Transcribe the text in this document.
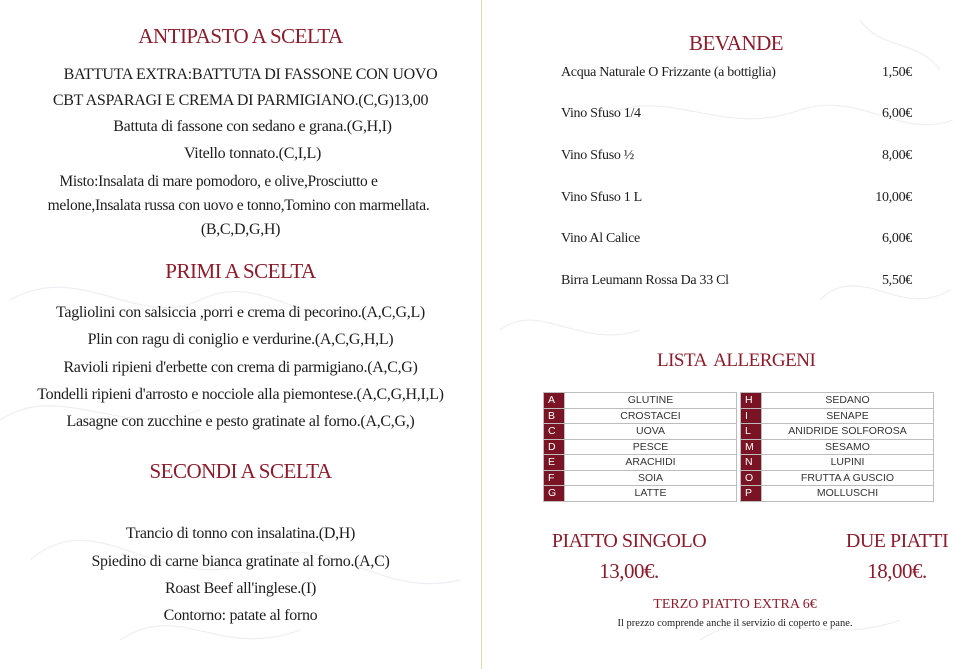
ANTIPASTO A SCELTA
BATTUTA EXTRA:BATTUTA DI FASSONE CON UOVO
CBT ASPARAGI E CREMA DI PARMIGIANO.(C,G)13,00
Battuta di fassone con sedano e grana.(G,H,I)
Vitello tonnato.(C,I,L)
Misto:Insalata di mare pomodoro, e olive,Prosciutto e
melone,Insalata russa con uovo e tonno,Tomino con marmellata.
(B,C,D,G,H)
PRIMI A SCELTA
Tagliolini con salsiccia ,porri e crema di pecorino.(A,C,G,L)
Plin con ragu di coniglio e verdurine.(A,C,G,H,L)
Ravioli ripieni d'erbette con crema di parmigiano.(A,C,G)
Tondelli ripieni d'arrosto e nocciole alla piemontese.(A,C,G,H,I,L)
Lasagne con zucchine e pesto gratinate al forno.(A,C,G,)
SECONDI A SCELTA
Trancio di tonno con insalatina.(D,H)
Spiedino di carne bianca gratinate al forno.(A,C)
Roast Beef all'inglese.(I)
Contorno: patate al forno
BEVANDE
Acqua Naturale O Frizzante (a bottiglia)	1,50€
Vino Sfuso 1/4	6,00€
Vino Sfuso ½	8,00€
Vino Sfuso 1 L	10,00€
Vino Al Calice	6,00€
Birra Leumann Rossa Da 33 Cl	5,50€
LISTA  ALLERGENI
A	GLUTINE
B	CROSTACEI
C	UOVA
D	PESCE
E	ARACHIDI
F	SOIA
G	LATTE
H	SEDANO
I	SENAPE
L	ANIDRIDE SOLFOROSA
M	SESAMO
N	LUPINI
O	FRUTTA A GUSCIO
P	MOLLUSCHI
PIATTO SINGOLO
13,00€.
DUE PIATTI
18,00€.
TERZO PIATTO EXTRA 6€
Il prezzo comprende anche il servizio di coperto e pane.
